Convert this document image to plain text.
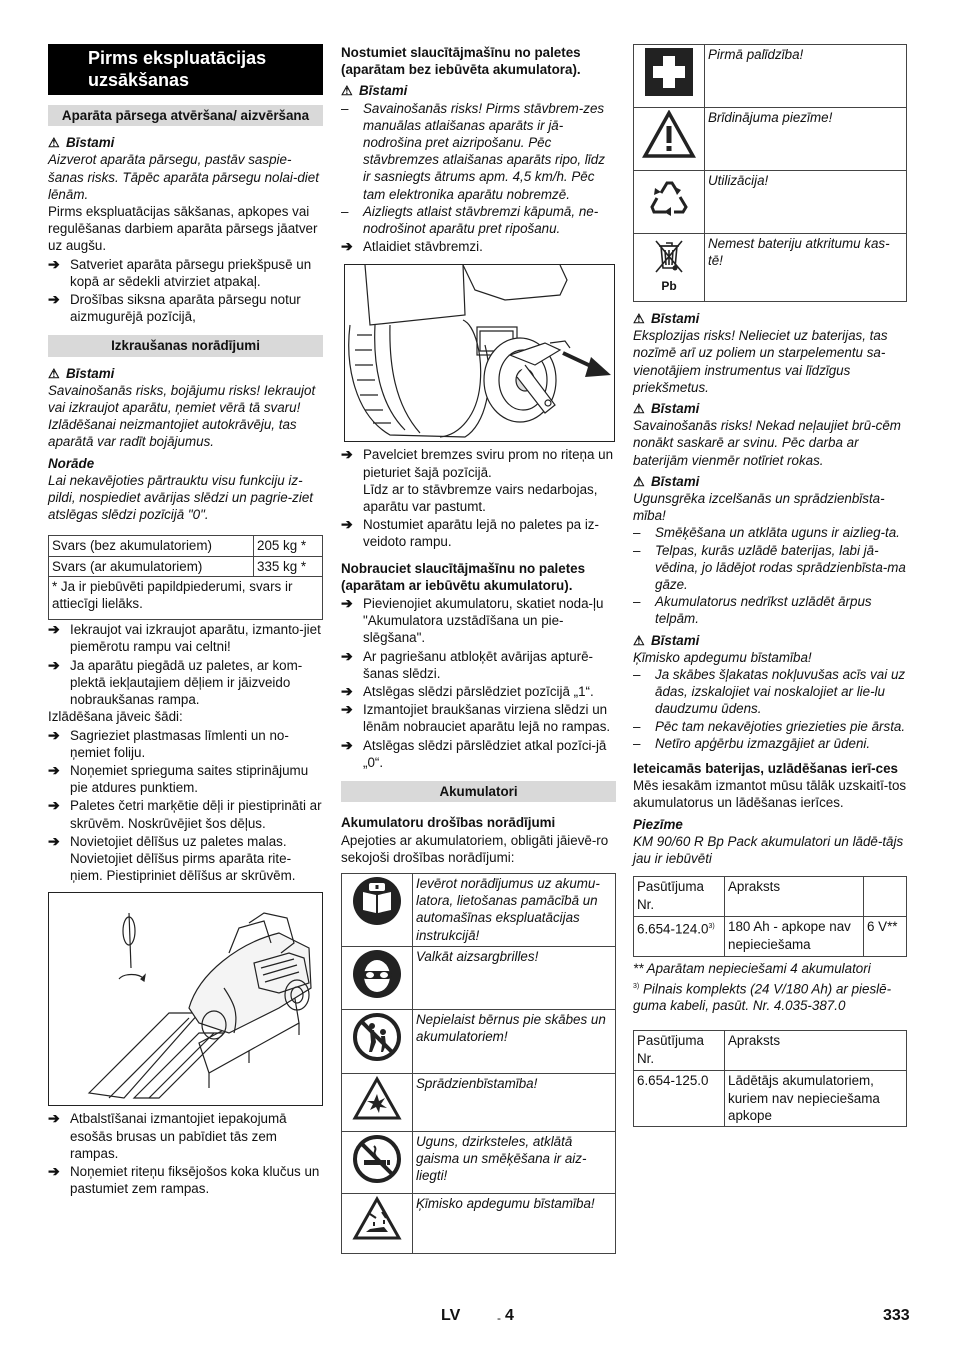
Pirms ekspluatācijas uzsākšanas
Aparāta pārsega atvēršana/ aizvēršana

⚠ Bīstami

Aizverot aparāta pārsegu, pastāv saspie-šanas risks. Tāpēc aparāta pārsegu nolai-diet lēnām.

Pirms ekspluatācijas sākšanas, apkopes vai regulēšanas darbiem aparāta pārsegs jāatver uz augšu.

➔ Satveriet aparāta pārsegu priekšpusē un kopā ar sēdekli atvirziet atpakaļ.
➔ Drošības siksna aparāta pārsegu notur aizmugurējā pozīcijā,
Izkraušanas norādījumi

⚠ Bīstami

Savainošanās risks, bojājumu risks! Iekraujot vai izkraujot aparātu, ņemiet vērā tā svaru!

Izlādēšanai neizmantojiet autokrāvēju, tas aparātā var radīt bojājumus.

Norāde

Lai nekavējoties pārtrauktu visu funkciju iz-pildi, nospiediet avārijas slēdzi un pagrie-ziet atslēgas slēdzi pozīcijā "0".

Svars (bez akumulatoriem)	205 kg *
Svars (ar akumulatoriem)	335 kg *
* Ja ir piebūvēti papildpiederumi, svars ir attiecīgi lielāks.	
➔ Iekraujot vai izkraujot aparātu, izmanto-jiet piemērotu rampu vai celtni!
➔ Ja aparātu piegādā uz paletes, ar kom-plektā iekļautajiem dēļiem ir jāizveido nobraukšanas rampa.

Izlādēšana jāveic šādi:

➔ Sagrieziet plastmasas līmlenti un no-ņemiet foliju.
➔ Noņemiet sprieguma saites stiprinājumu pie atdures punktiem.
➔ Paletes četri marķētie dēļi ir piestiprināti ar skrūvēm. Noskrūvējiet šos dēļus.
➔ Novietojiet dēlīšus uz paletes malas. Novietojiet dēlīšus pirms aparāta rite-ņiem. Piestipriniet dēlīšus ar skrūvēm.
➔ Atbalstīšanai izmantojiet iepakojumā esošās brusas un pabīdiet tās zem rampas.
➔ Noņemiet riteņu fiksējošos koka klučus un pastumiet zem rampas.

Nostumiet slaucītājmašīnu no paletes (aparātam bez iebūvēta akumulatora).

⚠ Bīstami

– Savainošanās risks! Pirms stāvbrem-zes manuālas atlaišanas aparāts ir jā-nodrošina pret aizripošanu. Pēc stāvbremzes atlaišanas aparāts ripo, līdz ir sasniegts ātrums apm. 4,5 km/h. Pēc tam elektronika aparātu nobremzē.
– Aizliegts atlaist stāvbremzi kāpumā, ne-nodrošinot aparātu pret ripošanu.
➔ Atlaidiet stāvbremzi.
➔ Pavelciet bremzes sviru prom no riteņa un pieturiet šajā pozīcijā.

Līdz ar to stāvbremze vairs nedarbojas, aparātu var pastumt.

➔ Nostumiet aparātu lejā no paletes pa iz-veidoto rampu.

Nobrauciet slaucītājmašīnu no paletes (aparātam ar iebūvētu akumulatoru).

➔ Pievienojiet akumulatoru, skatiet noda-ļu "Akumulatora uzstādīšana un pie-slēgšana".
➔ Ar pagriešanu atbloķēt avārijas apturē-šanas slēdzi.
➔ Atslēgas slēdzi pārslēdziet pozīcijā „1“.
➔ Izmantojiet braukšanas virziena slēdzi un lēnām nobrauciet aparātu lejā no rampas.
➔ Atslēgas slēdzi pārslēdziet atkal pozīci-jā „0“.
Akumulatori

Akumulatoru drošības norādījumi

Apejoties ar akumulatoriem, obligāti jāievē-ro sekojoši drošības norādījumi:

	Ievērot norādījumus uz akumu-latora, lietošanas pamācībā un automašīnas ekspluatācijas instrukcijā!
	Valkāt aizsargbrilles!
	Nepielaist bērnus pie skābes un akumulatoriem!
	Sprādzienbīstamība!
	Uguns, dzirksteles, atklātā gaisma un smēķēšana ir aiz-liegti!
	Ķīmisko apdegumu bīstamība!
	Pirmā palīdzība!
	Brīdinājuma piezīme!
	Utilizācija!

Pb	Nemest bateriju atkritumu kas-tē!

⚠ Bīstami

Eksplozijas risks! Nelieciet uz baterijas, tas nozīmē arī uz poliem un starpelementu sa-vienotājiem instrumentus vai līdzīgus priekšmetus.

⚠ Bīstami

Savainošanās risks! Nekad neļaujiet brū-cēm nonākt saskarē ar svinu. Pēc darba ar baterijām vienmēr notīriet rokas.

⚠ Bīstami

Ugunsgrēka izcelšanās un sprādzienbīsta-mība!

– Smēķēšana un atklāta uguns ir aizlieg-ta.
– Telpas, kurās uzlādē baterijas, labi jā-vēdina, jo lādējot rodas sprādzienbīsta-ma gāze.
– Akumulatorus nedrīkst uzlādēt ārpus telpām.

⚠ Bīstami

Ķīmisko apdegumu bīstamība!

– Ja skābes šļakatas nokļuvušas acīs vai uz ādas, izskalojiet vai noskalojiet ar lie-lu daudzumu ūdens.
– Pēc tam nekavējoties griezieties pie ārsta.
– Netīro apģērbu izmazgājiet ar ūdeni.

Ieteicamās baterijas, uzlādēšanas ierī-ces

Mēs iesakām izmantot mūsu tālāk uzskaitī-tos akumulatorus un lādēšanas ierīces.

Piezīme

KM 90/60 R Bp Pack akumulatori un lādē-tājs jau ir iebūvēti

Pasūtījuma Nr.	Apraksts	
6.654-124.0$^{3)}$	180 Ah - apkope nav nepieciešama	6 V**

** Aparātam nepieciešami 4 akumulatori

$^{3)}$ Pilnais komplekts (24 V/180 Ah) ar pieslē-guma kabeli, pasūt. Nr. 4.035-387.0

Pasūtījuma Nr.	Apraksts
6.654-125.0	Lādētājs akumulatoriem, kuriem nav nepieciešama apkope
LV	- 4	333
